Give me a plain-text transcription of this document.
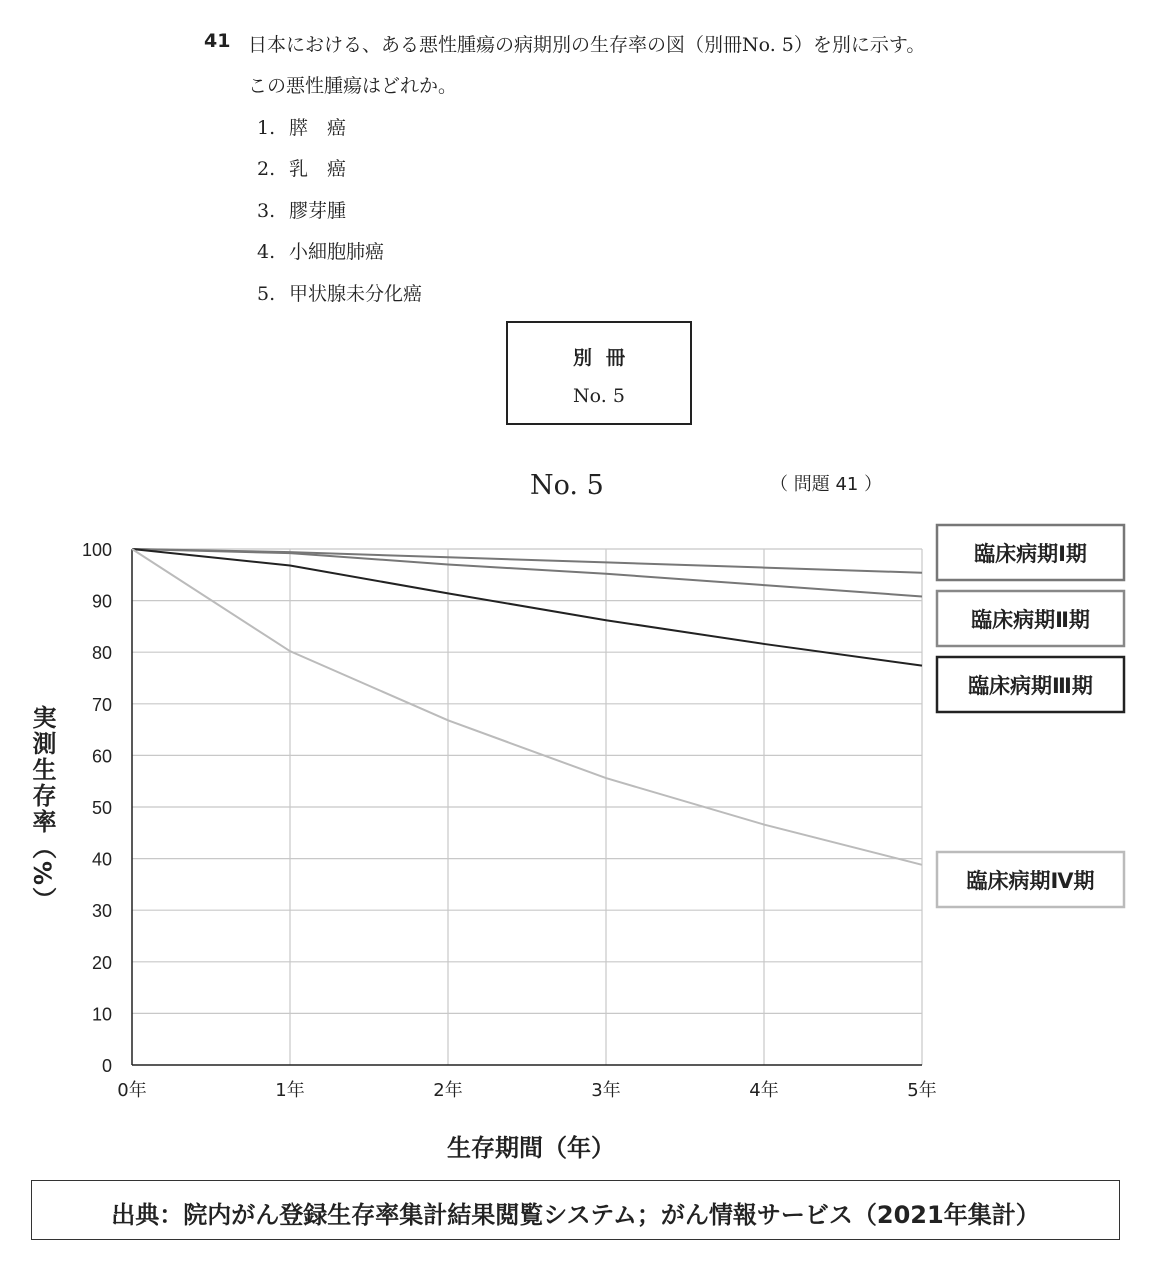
41 日本における、ある悪性腫瘍の病期別の生存率の図（別冊No. 5）を別に示す。
この悪性腫瘍はどれか。
1. 膵　癌
2. 乳　癌
3. 膠芽腫
4. 小細胞肺癌
5. 甲状腺未分化癌
別冊
No. 5
No. 5	（ 問題 41 ）
0
10
20
30
40
50
60
70
80
90
100
0年	1年	2年	3年	4年	5年
臨床病期Ⅰ期
臨床病期Ⅱ期
臨床病期Ⅲ期
臨床病期Ⅳ期
実測生存率（%）
生存期間（年）
出典：院内がん登録生存率集計結果閲覧システム；がん情報サービス（2021年集計）
